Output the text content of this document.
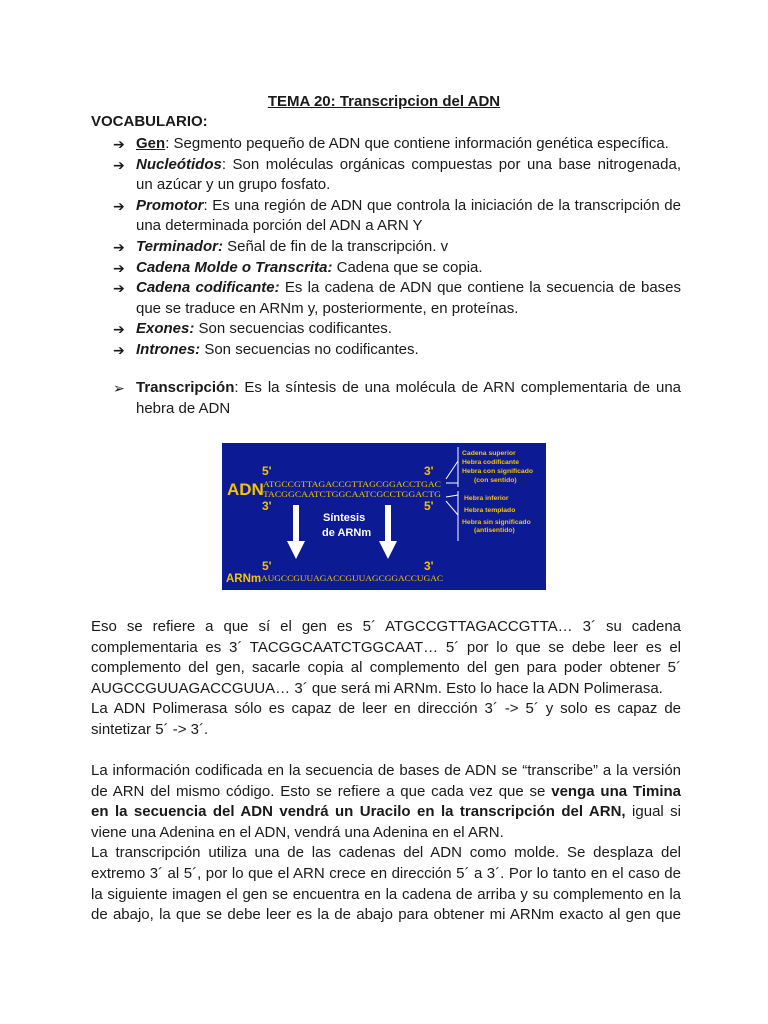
TEMA 20: Transcripcion del ADN
VOCABULARIO:
➔ Gen: Segmento pequeño de ADN que contiene información genética específica.
➔ Nucleótidos: Son moléculas orgánicas compuestas por una base nitrogenada, un azúcar y un grupo fosfato.
➔ Promotor: Es una región de ADN que controla la iniciación de la transcripción de una determinada porción del ADN a ARN Y
➔ Terminador: Señal de fin de la transcripción. v
➔ Cadena Molde o Transcrita: Cadena que se copia.
➔ Cadena codificante: Es la cadena de ADN que contiene la secuencia de bases que se traduce en ARNm y, posteriormente, en proteínas.
➔ Exones: Son secuencias codificantes.
➔ Intrones: Son secuencias no codificantes.
➢ Transcripción: Es la síntesis de una molécula de ARN complementaria de una hebra de ADN
5'	3'
ADN ATGCCGTTAGACCGTTAGCGGACCTGAC
TACGGCAATCTGGCAATCGCCTGGACTG
3'	5'
Cadena superior
Hebra codificante
Hebra con significado
(con sentido)
Hebra inferior
Hebra templado
Hebra sin significado
(antisentido)
Síntesis
de ARNm
5'	3'
ARNm AUGCCGUUAGACCGUUAGCGGACCUGAC

Eso se refiere a que sí el gen es 5´ ATGCCGTTAGACCGTTA… 3´ su cadena
complementaria es 3´ TACGGCAATCTGGCAAT… 5´ por lo que se debe leer es el
complemento del gen, sacarle copia al complemento del gen para poder obtener 5´
AUGCCGUUAGACCGUUA… 3´ que será mi ARNm. Esto lo hace la ADN Polimerasa.
La ADN Polimerasa sólo es capaz de leer en dirección 3´ -> 5´ y solo es capaz de
sintetizar 5´ -> 3´.

La información codificada en la secuencia de bases de ADN se “transcribe” a la versión
de ARN del mismo código. Esto se refiere a que cada vez que se venga una Timina
en la secuencia del ADN vendrá un Uracilo en la transcripción del ARN, igual si
viene una Adenina en el ADN, vendrá una Adenina en el ARN.
La transcripción utiliza una de las cadenas del ADN como molde. Se desplaza del
extremo 3´ al 5´, por lo que el ARN crece en dirección 5´ a 3´. Por lo tanto en el caso de
la siguiente imagen el gen se encuentra en la cadena de arriba y su complemento en la
de abajo, la que se debe leer es la de abajo para obtener mi ARNm exacto al gen que
